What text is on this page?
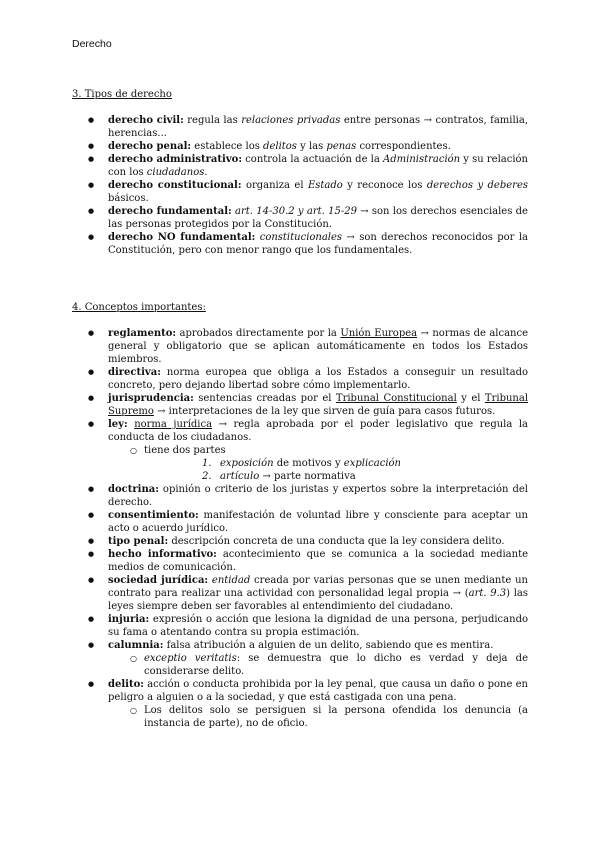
Derecho
3. Tipos de derecho
● derecho civil: regula las relaciones privadas entre personas → contratos, familia, herencias...
● derecho penal: establece los delitos y las penas correspondientes.
● derecho administrativo: controla la actuación de la Administración y su relación con los ciudadanos.
● derecho constitucional: organiza el Estado y reconoce los derechos y deberes básicos.
● derecho fundamental: art. 14-30.2 y art. 15-29 → son los derechos esenciales de las personas protegidos por la Constitución.
● derecho NO fundamental: constitucionales → son derechos reconocidos por la Constitución, pero con menor rango que los fundamentales.
4. Conceptos importantes:
● reglamento: aprobados directamente por la Unión Europea → normas de alcance general y obligatorio que se aplican automáticamente en todos los Estados miembros.
● directiva: norma europea que obliga a los Estados a conseguir un resultado concreto, pero dejando libertad sobre cómo implementarlo.
● jurisprudencia: sentencias creadas por el Tribunal Constitucional y el Tribunal Supremo → interpretaciones de la ley que sirven de guía para casos futuros.
● ley: norma jurídica → regla aprobada por el poder legislativo que regula la conducta de los ciudadanos.
○ tiene dos partes
1. exposición de motivos y explicación
2. artículo → parte normativa
● doctrina: opinión o criterio de los juristas y expertos sobre la interpretación del derecho.
● consentimiento: manifestación de voluntad libre y consciente para aceptar un acto o acuerdo jurídico.
● tipo penal: descripción concreta de una conducta que la ley considera delito.
● hecho informativo: acontecimiento que se comunica a la sociedad mediante medios de comunicación.
● sociedad jurídica: entidad creada por varias personas que se unen mediante un contrato para realizar una actividad con personalidad legal propia → (art. 9.3) las leyes siempre deben ser favorables al entendimiento del ciudadano.
● injuria: expresión o acción que lesiona la dignidad de una persona, perjudicando su fama o atentando contra su propia estimación.
● calumnia: falsa atribución a alguien de un delito, sabiendo que es mentira.
○ exceptio veritatis: se demuestra que lo dicho es verdad y deja de considerarse delito.
● delito: acción o conducta prohibida por la ley penal, que causa un daño o pone en peligro a alguien o a la sociedad, y que está castigada con una pena.
○ Los delitos solo se persiguen si la persona ofendida los denuncia (a instancia de parte), no de oficio.
